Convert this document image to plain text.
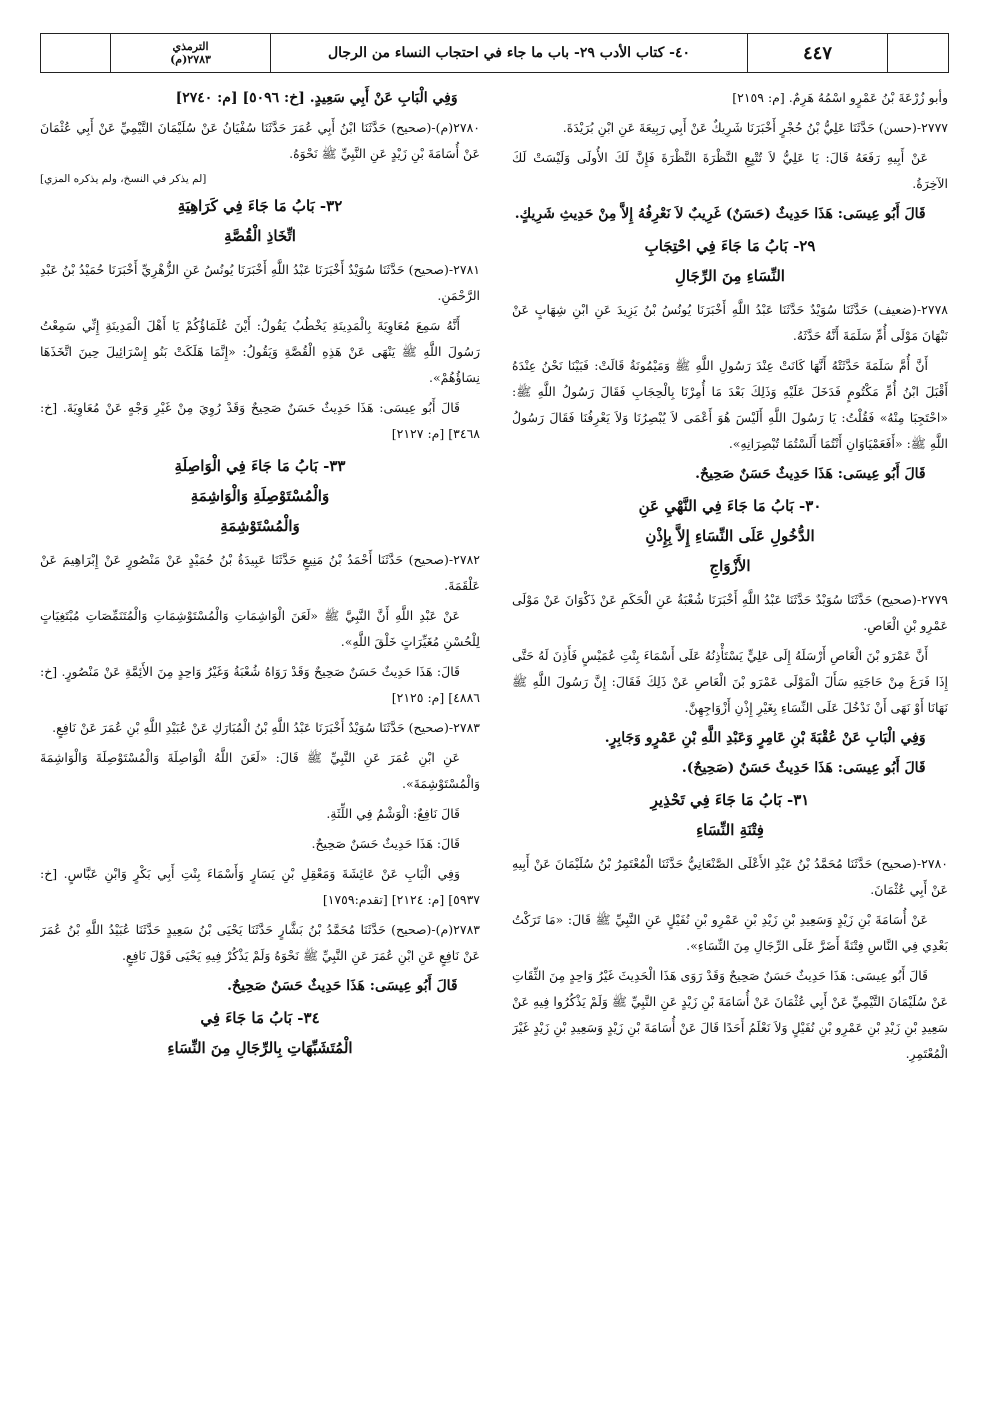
الترمذي
٢٧٨٣(م)	٤٠- كتاب الأدب ٢٩- باب ما جاء في احتجاب النساء من الرجال	٤٤٧

وأبو زُرْعَةَ بْنُ عَمْرٍو اسْمُهُ هَرِمٌ. [م: ٢١٥٩]

٢٧٧٧-(حسن) حَدَّثَنَا عَلِيُّ بْنُ حُجْرٍ أَخْبَرَنَا شَرِيكٌ عَنْ أَبِي رَبِيعَةَ عَنِ ابْنِ بُرَيْدَةَ.

عَنْ أَبِيهِ رَفَعَهُ قَالَ: يَا عَلِيُّ لاَ تُتْبِعِ النَّظْرَةَ النَّظْرَةَ فَإِنَّ لَكَ الأُولَى وَلَيْسَتْ لَكَ الآخِرَةُ.

قَالَ أَبُو عِيسَى: هَذَا حَدِيثٌ (حَسَنٌ) غَرِيبٌ لاَ نَعْرِفُهُ إِلاَّ مِنْ حَدِيثِ شَرِيكٍ.

٢٩- بَابُ مَا جَاءَ فِي احْتِجَابِ
النِّسَاءِ مِنَ الرِّجَالِ

٢٧٧٨-(ضعيف) حَدَّثَنَا سُوَيْدٌ حَدَّثَنَا عَبْدُ اللَّهِ أَخْبَرَنَا يُونُسُ بْنُ يَزِيدَ عَنِ ابْنِ شِهَابٍ عَنْ نَبْهَانَ مَوْلَى أُمِّ سَلَمَةَ أَنَّهُ حَدَّثَهُ.

أَنَّ أُمَّ سَلَمَةَ حَدَّثَتْهُ أَنَّهَا كَانَتْ عِنْدَ رَسُولِ اللَّهِ ﷺ وَمَيْمُونَةُ قَالَتْ: فَبَيْنَا نَحْنُ عِنْدَهُ أَقْبَلَ ابْنُ أُمِّ مَكْتُومٍ فَدَخَلَ عَلَيْهِ وَذَلِكَ بَعْدَ مَا أُمِرْنَا بِالْحِجَابِ فَقَالَ رَسُولُ اللَّهِ ﷺ: «احْتَجِبَا مِنْهُ» فَقُلْتُ: يَا رَسُولَ اللَّهِ أَلَيْسَ هُوَ أَعْمَى لاَ يُبْصِرُنَا وَلاَ يَعْرِفُنَا فَقَالَ رَسُولُ اللَّهِ ﷺ: «أَفَعَمْيَاوَانِ أَنْتُمَا أَلَسْتُمَا تُبْصِرَانِهِ».

قَالَ أَبُو عِيسَى: هَذَا حَدِيثٌ حَسَنٌ صَحِيحٌ.

٣٠- بَابُ مَا جَاءَ فِي النَّهْيِ عَنِ
الدُّخُولِ عَلَى النِّسَاءِ إِلاَّ بِإِذْنِ
الأَزْوَاجِ

٢٧٧٩-(صحيح) حَدَّثَنَا سُوَيْدٌ حَدَّثَنَا عَبْدُ اللَّهِ أَخْبَرَنَا شُعْبَةُ عَنِ الْحَكَمِ عَنْ ذَكْوَانَ عَنْ مَوْلَى عَمْرِو بْنِ الْعَاصِ.

أَنَّ عَمْرَو بْنَ الْعَاصِ أَرْسَلَهُ إِلَى عَلِيٍّ يَسْتَأْذِنُهُ عَلَى أَسْمَاءَ بِنْتِ عُمَيْسٍ فَأَذِنَ لَهُ حَتَّى إِذَا فَرَغَ مِنْ حَاجَتِهِ سَأَلَ الْمَوْلَى عَمْرَو بْنَ الْعَاصِ عَنْ ذَلِكَ فَقَالَ: إِنَّ رَسُولَ اللَّهِ ﷺ نَهَانَا أَوْ نَهَى أَنْ نَدْخُلَ عَلَى النِّسَاءِ بِغَيْرِ إِذْنِ أَزْوَاجِهِنَّ.

وَفِي الْبَابِ عَنْ عُقْبَةَ بْنِ عَامِرٍ وَعَبْدِ اللَّهِ بْنِ عَمْرٍو وَجَابِرٍ.

قَالَ أَبُو عِيسَى: هَذَا حَدِيثٌ حَسَنٌ (صَحِيحٌ).

٣١- بَابُ مَا جَاءَ فِي تَحْذِيرِ
فِتْنَةِ النِّسَاءِ

٢٧٨٠-(صحيح) حَدَّثَنَا مُحَمَّدُ بْنُ عَبْدِ الأَعْلَى الصَّنْعَانِيُّ حَدَّثَنَا الْمُعْتَمِرُ بْنُ سُلَيْمَانَ عَنْ أَبِيهِ عَنْ أَبِي عُثْمَانَ.

عَنْ أُسَامَةَ بْنِ زَيْدٍ وَسَعِيدِ بْنِ زَيْدِ بْنِ عَمْرِو بْنِ نُفَيْلٍ عَنِ النَّبِيِّ ﷺ قَالَ: «مَا تَرَكْتُ بَعْدِي فِي النَّاسِ فِتْنَةً أَضَرَّ عَلَى الرِّجَالِ مِنَ النِّسَاءِ».

قَالَ أَبُو عِيسَى: هَذَا حَدِيثٌ حَسَنٌ صَحِيحٌ وَقَدْ رَوَى هَذَا الْحَدِيثَ غَيْرُ وَاحِدٍ مِنَ الثِّقَاتِ عَنْ سُلَيْمَانَ التَّيْمِيِّ عَنْ أَبِي عُثْمَانَ عَنْ أُسَامَةَ بْنِ زَيْدٍ عَنِ النَّبِيِّ ﷺ وَلَمْ يَذْكُرُوا فِيهِ عَنْ سَعِيدِ بْنِ زَيْدِ بْنِ عَمْرِو بْنِ نُفَيْلٍ وَلاَ نَعْلَمُ أَحَدًا قَالَ عَنْ أُسَامَةَ بْنِ زَيْدٍ وَسَعِيدِ بْنِ زَيْدٍ غَيْرَ الْمُعْتَمِرِ.

وَفِي الْبَابِ عَنْ أَبِي سَعِيدٍ. [خ: ٥٠٩٦] [م: ٢٧٤٠]

٢٧٨٠(م)-(صحيح) حَدَّثَنَا ابْنُ أَبِي عُمَرَ حَدَّثَنَا سُفْيَانُ عَنْ سُلَيْمَانَ التَّيْمِيِّ عَنْ أَبِي عُثْمَانَ عَنْ أُسَامَةَ بْنِ زَيْدٍ عَنِ النَّبِيِّ ﷺ نَحْوَهُ.

[لم يذكر في النسخ، ولم يذكره المزي]

٣٢- بَابُ مَا جَاءَ فِي كَرَاهِيَةِ
اتِّخَاذِ الْقُصَّةِ

٢٧٨١-(صحيح) حَدَّثَنَا سُوَيْدٌ أَخْبَرَنَا عَبْدُ اللَّهِ أَخْبَرَنَا يُونُسُ عَنِ الزُّهْرِيِّ أَخْبَرَنَا حُمَيْدُ بْنُ عَبْدِ الرَّحْمَنِ.

أَنَّهُ سَمِعَ مُعَاوِيَةَ بِالْمَدِينَةِ يَخْطُبُ يَقُولُ: أَيْنَ عُلَمَاؤُكُمْ يَا أَهْلَ الْمَدِينَةِ إِنِّي سَمِعْتُ رَسُولَ اللَّهِ ﷺ يَنْهَى عَنْ هَذِهِ الْقُصَّةِ وَيَقُولُ: «إِنَّمَا هَلَكَتْ بَنُو إِسْرَائِيلَ حِينَ اتَّخَذَهَا نِسَاؤُهُمْ».

قَالَ أَبُو عِيسَى: هَذَا حَدِيثٌ حَسَنٌ صَحِيحٌ وَقَدْ رُوِيَ مِنْ غَيْرِ وَجْهٍ عَنْ مُعَاوِيَةَ. [خ: ٣٤٦٨] [م: ٢١٢٧]

٣٣- بَابُ مَا جَاءَ فِي الْوَاصِلَةِ
وَالْمُسْتَوْصِلَةِ وَالْوَاشِمَةِ
وَالْمُسْتَوْشِمَةِ

٢٧٨٢-(صحيح) حَدَّثَنَا أَحْمَدُ بْنُ مَنِيعٍ حَدَّثَنَا عَبِيدَةُ بْنُ حُمَيْدٍ عَنْ مَنْصُورٍ عَنْ إِبْرَاهِيمَ عَنْ عَلْقَمَةَ.

عَنْ عَبْدِ اللَّهِ أَنَّ النَّبِيَّ ﷺ «لَعَنَ الْوَاشِمَاتِ وَالْمُسْتَوْشِمَاتِ وَالْمُتَنَمِّصَاتِ مُبْتَغِيَاتٍ لِلْحُسْنِ مُغَيِّرَاتٍ خَلْقَ اللَّهِ».

قَالَ: هَذَا حَدِيثٌ حَسَنٌ صَحِيحٌ وَقَدْ رَوَاهُ شُعْبَةُ وَغَيْرُ وَاحِدٍ مِنَ الأَئِمَّةِ عَنْ مَنْصُورٍ. [خ: ٤٨٨٦] [م: ٢١٢٥]

٢٧٨٣-(صحيح) حَدَّثَنَا سُوَيْدٌ أَخْبَرَنَا عَبْدُ اللَّهِ بْنُ الْمُبَارَكِ عَنْ عُبَيْدِ اللَّهِ بْنِ عُمَرَ عَنْ نَافِعٍ.

عَنِ ابْنِ عُمَرَ عَنِ النَّبِيِّ ﷺ قَالَ: «لَعَنَ اللَّهُ الْوَاصِلَةَ وَالْمُسْتَوْصِلَةَ وَالْوَاشِمَةَ وَالْمُسْتَوْشِمَةَ».

قَالَ نَافِعٌ: الْوَشْمُ فِي اللِّثَةِ.

قَالَ: هَذَا حَدِيثٌ حَسَنٌ صَحِيحٌ.

وَفِي الْبَابِ عَنْ عَائِشَةَ وَمَعْقِلِ بْنِ يَسَارٍ وَأَسْمَاءَ بِنْتِ أَبِي بَكْرٍ وَابْنِ عَبَّاسٍ. [خ: ٥٩٣٧] [م: ٢١٢٤] [تقدم:١٧٥٩]

٢٧٨٣(م)-(صحيح) حَدَّثَنَا مُحَمَّدُ بْنُ بَشَّارٍ حَدَّثَنَا يَحْيَى بْنُ سَعِيدٍ حَدَّثَنَا عُبَيْدُ اللَّهِ بْنُ عُمَرَ عَنْ نَافِعٍ عَنِ ابْنِ عُمَرَ عَنِ النَّبِيِّ ﷺ نَحْوَهُ وَلَمْ يَذْكُرْ فِيهِ يَحْيَى قَوْلَ نَافِعٍ.

قَالَ أَبُو عِيسَى: هَذَا حَدِيثٌ حَسَنٌ صَحِيحٌ.

٣٤- بَابُ مَا جَاءَ فِي
الْمُتَشَبِّهَاتِ بِالرِّجَالِ مِنَ النِّسَاءِ
